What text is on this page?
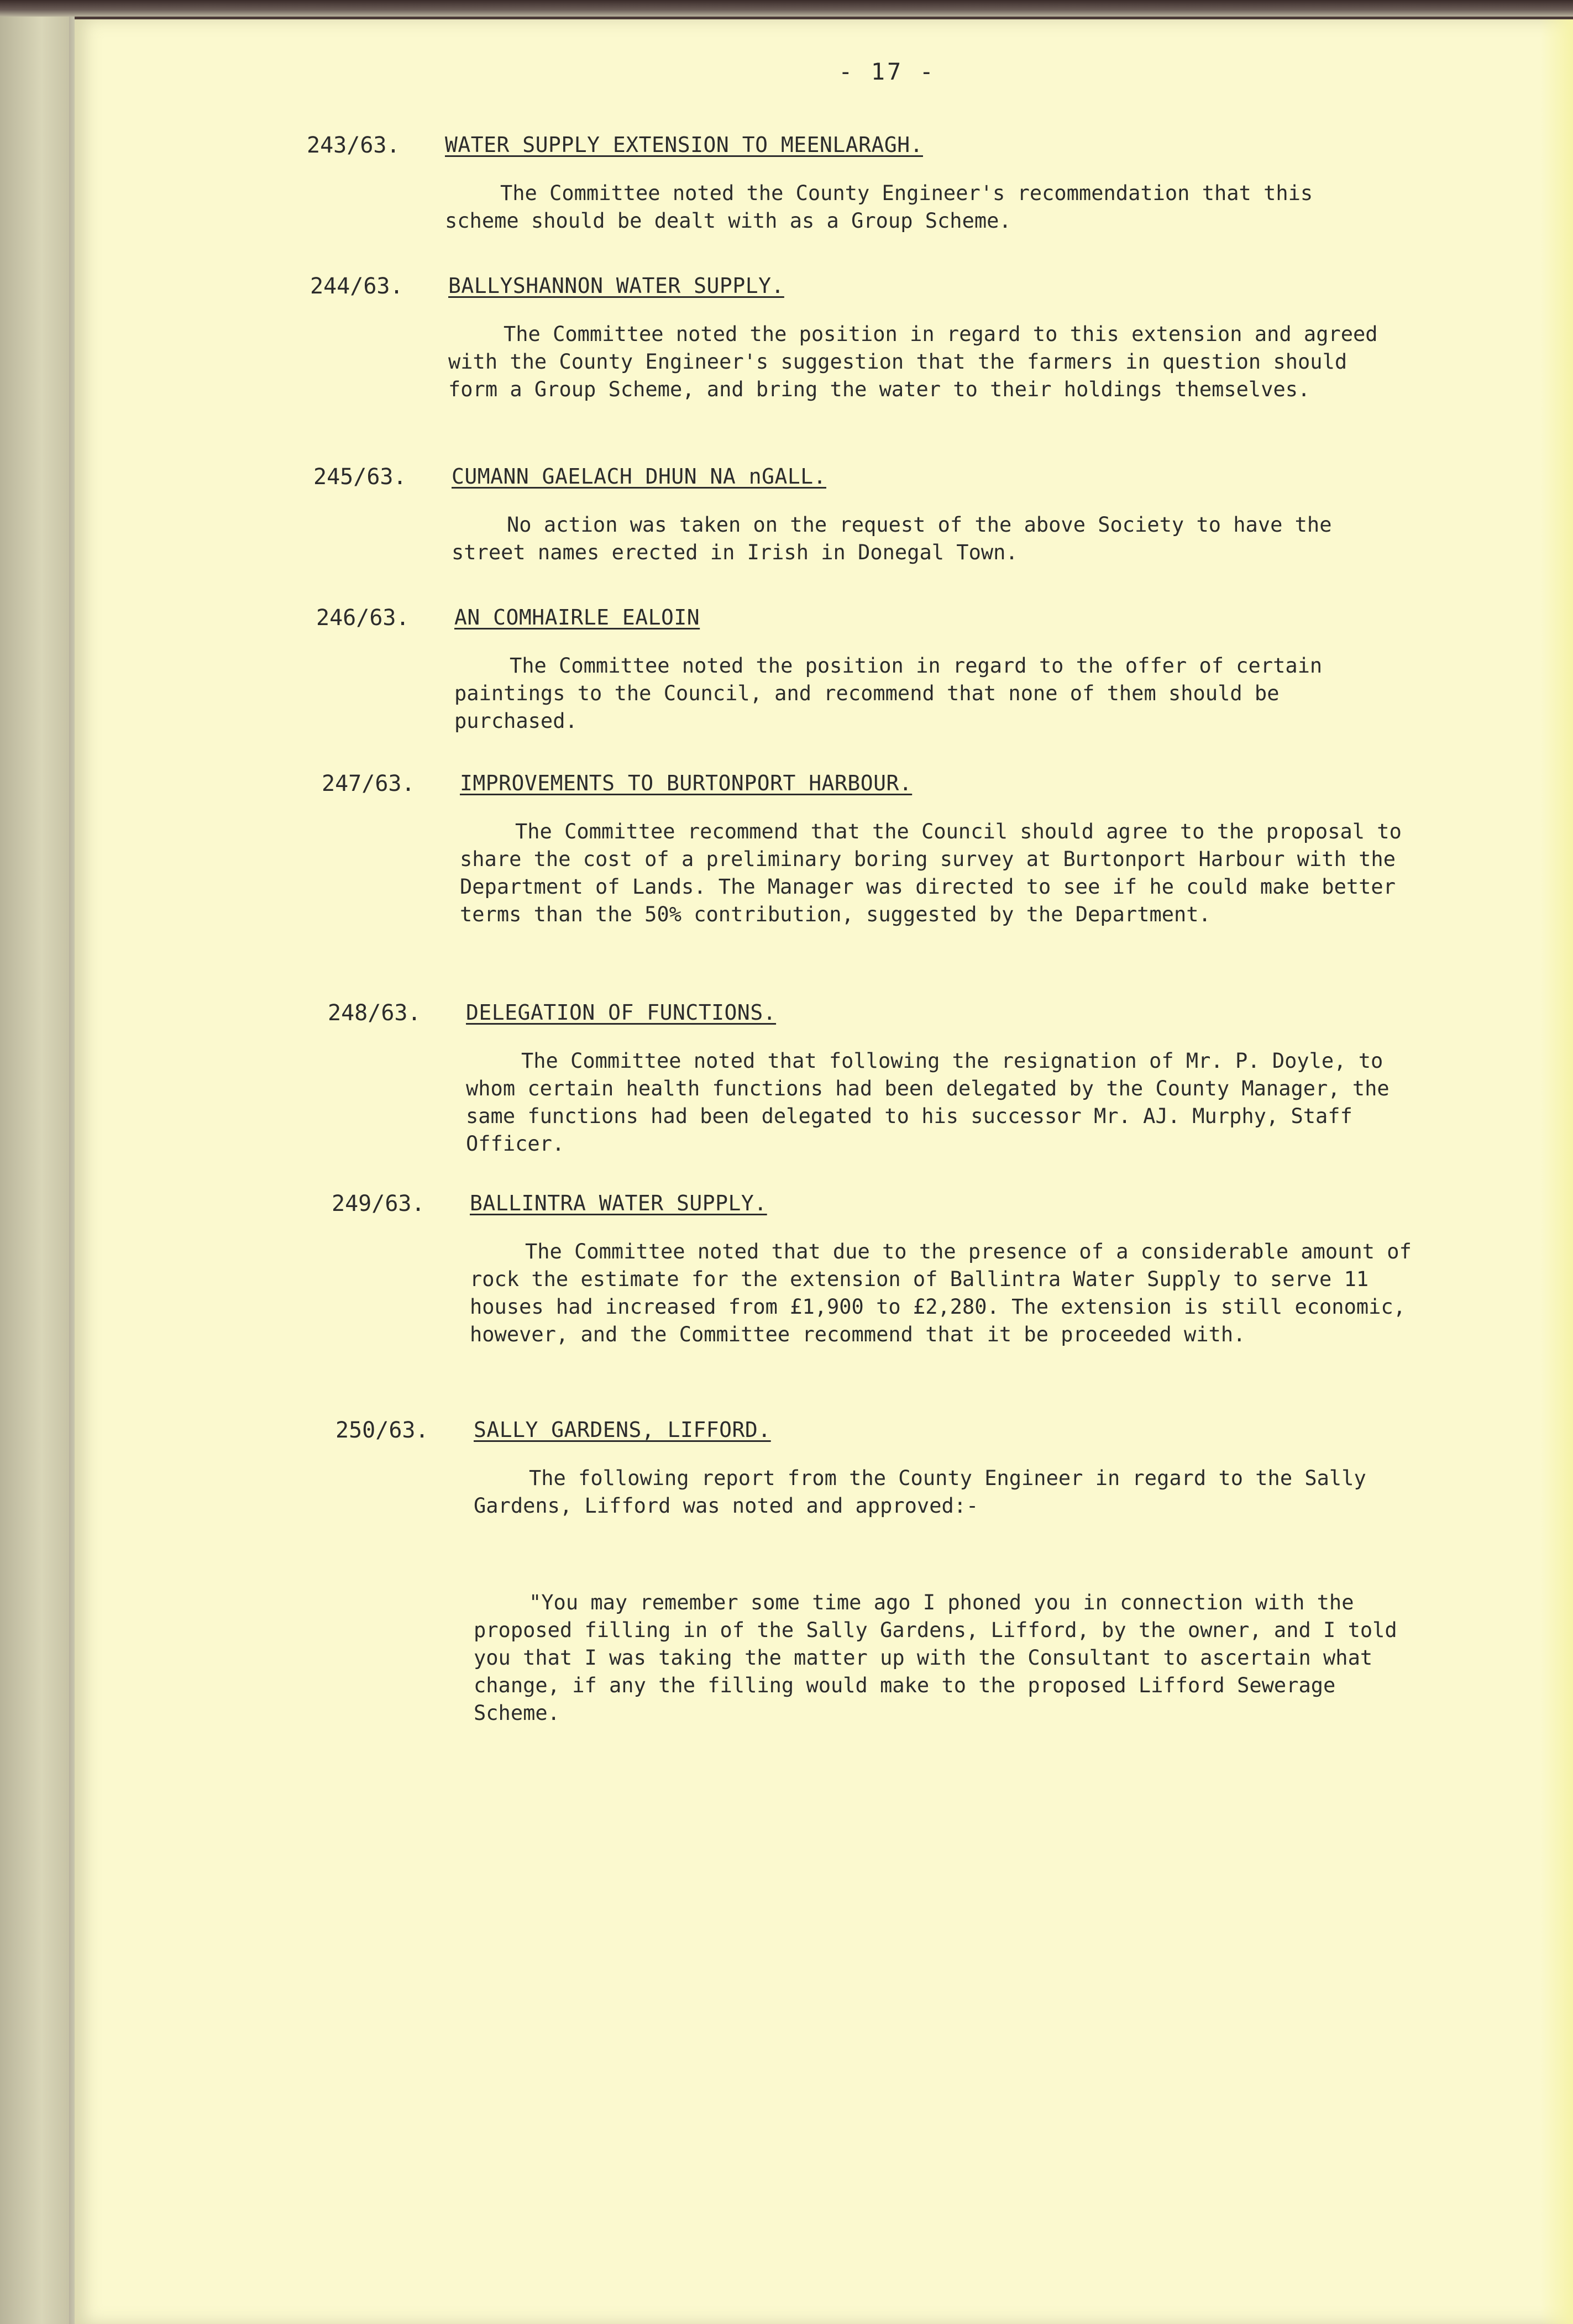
- 17 -
243/63. WATER SUPPLY EXTENSION TO MEENLARAGH.

The Committee noted the County Engineer's recommendation that this scheme should be dealt with as a Group Scheme.

244/63. BALLYSHANNON WATER SUPPLY.

The Committee noted the position in regard to this extension and agreed with the County Engineer's suggestion that the farmers in question should form a Group Scheme, and bring the water to their holdings themselves.

245/63. CUMANN GAELACH DHUN NA nGALL.

No action was taken on the request of the above Society to have the street names erected in Irish in Donegal Town.

246/63. AN COMHAIRLE EALOIN

The Committee noted the position in regard to the offer of certain paintings to the Council, and recommend that none of them should be purchased.

247/63. IMPROVEMENTS TO BURTONPORT HARBOUR.

The Committee recommend that the Council should agree to the proposal to share the cost of a preliminary boring survey at Burtonport Harbour with the Department of Lands. The Manager was directed to see if he could make better terms than the 50% contribution, suggested by the Department.

248/63. DELEGATION OF FUNCTIONS.

The Committee noted that following the resignation of Mr. P. Doyle, to whom certain health functions had been delegated by the County Manager, the same functions had been delegated to his successor Mr. AJ. Murphy, Staff Officer.

249/63. BALLINTRA WATER SUPPLY.

The Committee noted that due to the presence of a considerable amount of rock the estimate for the extension of Ballintra Water Supply to serve 11 houses had increased from £1,900 to £2,280. The extension is still economic, however, and the Committee recommend that it be proceeded with.

250/63. SALLY GARDENS, LIFFORD.

The following report from the County Engineer in regard to the Sally Gardens, Lifford was noted and approved:-

"You may remember some time ago I phoned you in connection with the proposed filling in of the Sally Gardens, Lifford, by the owner, and I told you that I was taking the matter up with the Consultant to ascertain what change, if any the filling would make to the proposed Lifford Sewerage Scheme.
